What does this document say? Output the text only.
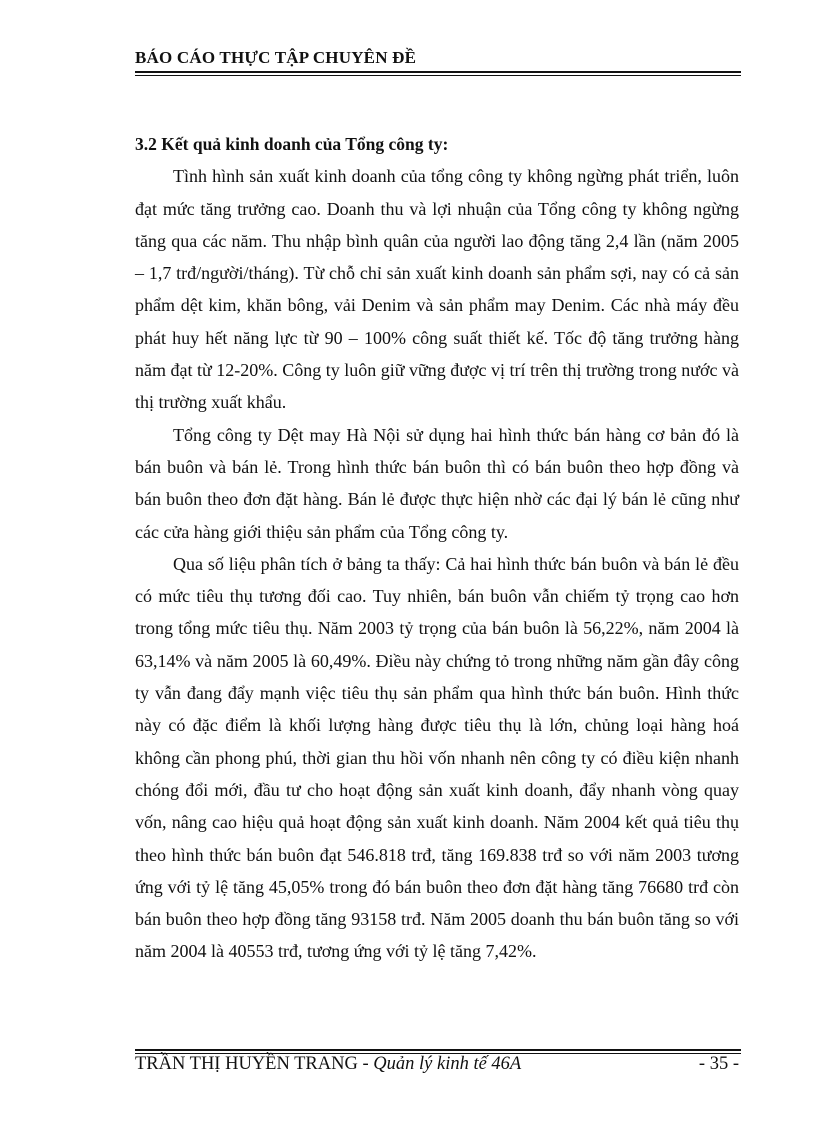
BÁO CÁO THỰC TẬP CHUYÊN ĐỀ

3.2 Kết quả kinh doanh của Tổng công ty:

Tình hình sản xuất kinh doanh của tổng công ty không ngừng phát triển, luôn đạt mức tăng trưởng cao. Doanh thu và lợi nhuận của Tổng công ty không ngừng tăng qua các năm. Thu nhập bình quân của người lao động tăng 2,4 lần (năm 2005 – 1,7 trđ/người/tháng). Từ chỗ chỉ sản xuất kinh doanh sản phẩm sợi, nay có cả sản phẩm dệt kim, khăn bông, vải Denim và sản phẩm may Denim. Các nhà máy đều phát huy hết năng lực từ 90 – 100% công suất thiết kế. Tốc độ tăng trưởng hàng năm đạt từ 12-20%. Công ty luôn giữ vững được vị trí trên thị trường trong nước và thị trường xuất khẩu.

Tổng công ty Dệt may Hà Nội sử dụng hai hình thức bán hàng cơ bản đó là bán buôn và bán lẻ. Trong hình thức bán buôn thì có bán buôn theo hợp đồng và bán buôn theo đơn đặt hàng. Bán lẻ được thực hiện nhờ các đại lý bán lẻ cũng như các cửa hàng giới thiệu sản phẩm của Tổng công ty.

Qua số liệu phân tích ở bảng ta thấy: Cả hai hình thức bán buôn và bán lẻ đều có mức tiêu thụ tương đối cao. Tuy nhiên, bán buôn vẫn chiếm tỷ trọng cao hơn trong tổng mức tiêu thụ. Năm 2003 tỷ trọng của bán buôn là 56,22%, năm 2004 là 63,14% và năm 2005 là 60,49%. Điều này chứng tỏ trong những năm gần đây công ty vẫn đang đẩy mạnh việc tiêu thụ sản phẩm qua hình thức bán buôn. Hình thức này có đặc điểm là khối lượng hàng được tiêu thụ là lớn, chủng loại hàng hoá không cần phong phú, thời gian thu hồi vốn nhanh nên công ty có điều kiện nhanh chóng đổi mới, đầu tư cho hoạt động sản xuất kinh doanh, đẩy nhanh vòng quay vốn, nâng cao hiệu quả hoạt động sản xuất kinh doanh. Năm 2004 kết quả tiêu thụ theo hình thức bán buôn đạt 546.818 trđ, tăng 169.838 trđ so với năm 2003 tương ứng với tỷ lệ tăng 45,05% trong đó bán buôn theo đơn đặt hàng tăng 76680 trđ còn bán buôn theo hợp đồng tăng 93158 trđ. Năm 2005 doanh thu bán buôn tăng so với năm 2004 là 40553 trđ, tương ứng với tỷ lệ tăng 7,42%.

TRẦN THỊ HUYỀN TRANG - Quản lý kinh tế 46A	- 35 -
